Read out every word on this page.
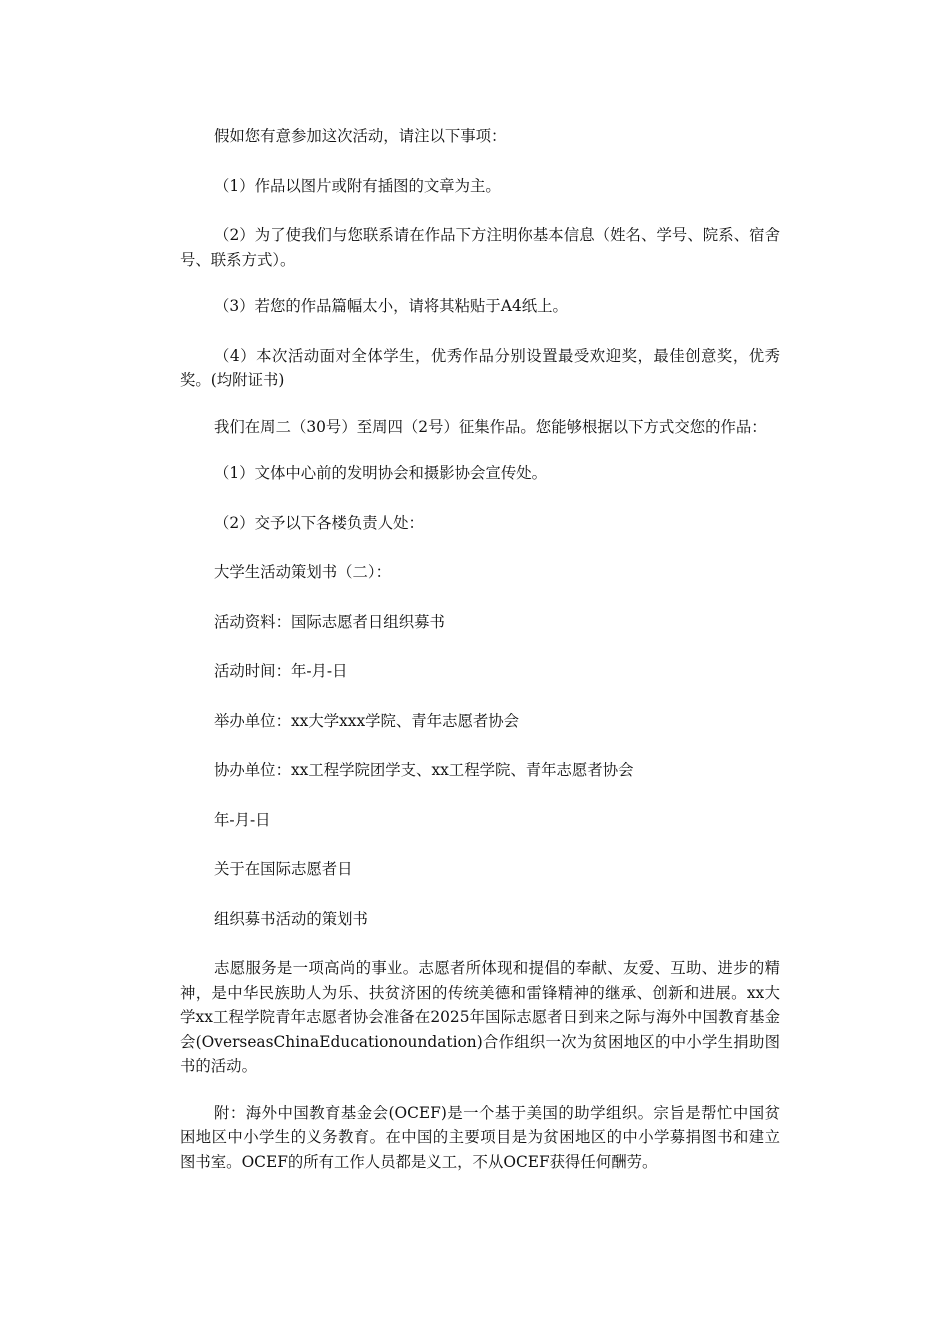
假如您有意参加这次活动，请注以下事项：

（1）作品以图片或附有插图的文章为主。

（2）为了使我们与您联系请在作品下方注明你基本信息（姓名、学号、院系、宿舍号、联系方式）。

（3）若您的作品篇幅太小，请将其粘贴于A4纸上。

（4）本次活动面对全体学生，优秀作品分别设置最受欢迎奖，最佳创意奖，优秀奖。(均附证书)

我们在周二（30号）至周四（2号）征集作品。您能够根据以下方式交您的作品：

（1）文体中心前的发明协会和摄影协会宣传处。

（2）交予以下各楼负责人处：

大学生活动策划书（二）：

活动资料：国际志愿者日组织募书

活动时间：年-月-日

举办单位：xx大学xxx学院、青年志愿者协会

协办单位：xx工程学院团学支、xx工程学院、青年志愿者协会

年-月-日

关于在国际志愿者日

组织募书活动的策划书

志愿服务是一项高尚的事业。志愿者所体现和提倡的奉献、友爱、互助、进步的精神，是中华民族助人为乐、扶贫济困的传统美德和雷锋精神的继承、创新和进展。xx大学xx工程学院青年志愿者协会准备在2025年国际志愿者日到来之际与海外中国教育基金会(OverseasChinaEducationoundation)合作组织一次为贫困地区的中小学生捐助图书的活动。

附：海外中国教育基金会(OCEF)是一个基于美国的助学组织。宗旨是帮忙中国贫困地区中小学生的义务教育。在中国的主要项目是为贫困地区的中小学募捐图书和建立图书室。OCEF的所有工作人员都是义工，不从OCEF获得任何酬劳。
